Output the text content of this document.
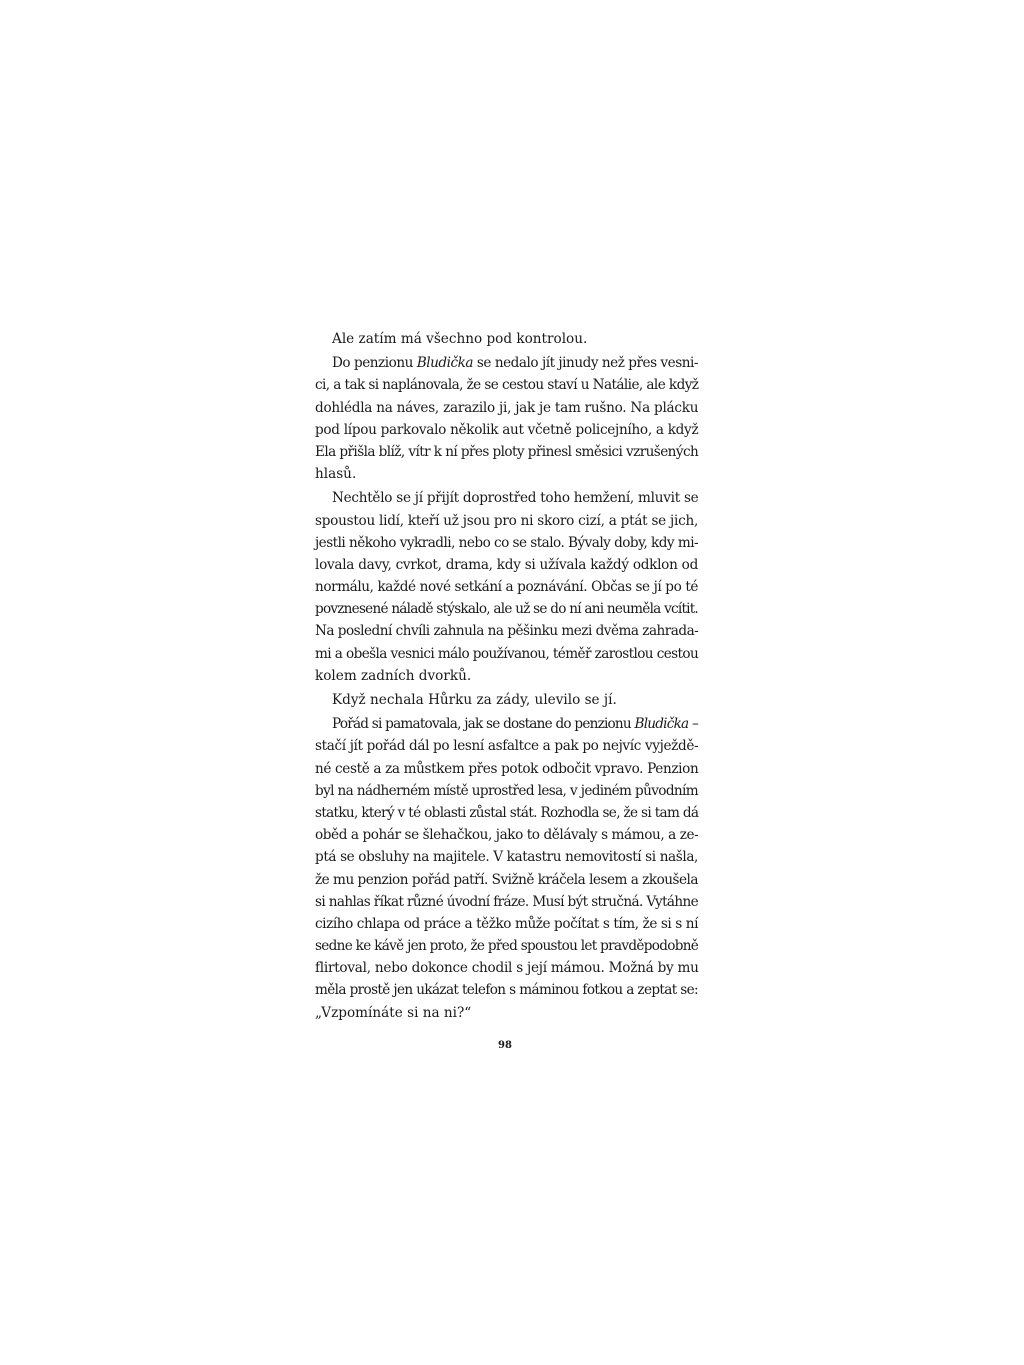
Ale zatím má všechno pod kontrolou.
Do penzionu Bludička se nedalo jít jinudy než přes vesni-
ci, a tak si naplánovala, že se cestou staví u Natálie, ale když
dohlédla na náves, zarazilo ji, jak je tam rušno. Na plácku
pod lípou parkovalo několik aut včetně policejního, a když
Ela přišla blíž, vítr k ní přes ploty přinesl směsici vzrušených
hlasů.
Nechtělo se jí přijít doprostřed toho hemžení, mluvit se
spoustou lidí, kteří už jsou pro ni skoro cizí, a ptát se jich,
jestli někoho vykradli, nebo co se stalo. Bývaly doby, kdy mi-
lovala davy, cvrkot, drama, kdy si užívala každý odklon od
normálu, každé nové setkání a poznávání. Občas se jí po té
povznesené náladě stýskalo, ale už se do ní ani neuměla vcítit.
Na poslední chvíli zahnula na pěšinku mezi dvěma zahrada-
mi a obešla vesnici málo používanou, téměř zarostlou cestou
kolem zadních dvorků.
Když nechala Hůrku za zády, ulevilo se jí.
Pořád si pamatovala, jak se dostane do penzionu Bludička –
stačí jít pořád dál po lesní asfaltce a pak po nejvíc vyježdě-
né cestě a za můstkem přes potok odbočit vpravo. Penzion
byl na nádherném místě uprostřed lesa, v jediném původním
statku, který v té oblasti zůstal stát. Rozhodla se, že si tam dá
oběd a pohár se šlehačkou, jako to dělávaly s mámou, a ze-
ptá se obsluhy na majitele. V katastru nemovitostí si našla,
že mu penzion pořád patří. Svižně kráčela lesem a zkoušela
si nahlas říkat různé úvodní fráze. Musí být stručná. Vytáhne
cizího chlapa od práce a těžko může počítat s tím, že si s ní
sedne ke kávě jen proto, že před spoustou let pravděpodobně
flirtoval, nebo dokonce chodil s její mámou. Možná by mu
měla prostě jen ukázat telefon s máminou fotkou a zeptat se:
„Vzpomínáte si na ni?“
98
